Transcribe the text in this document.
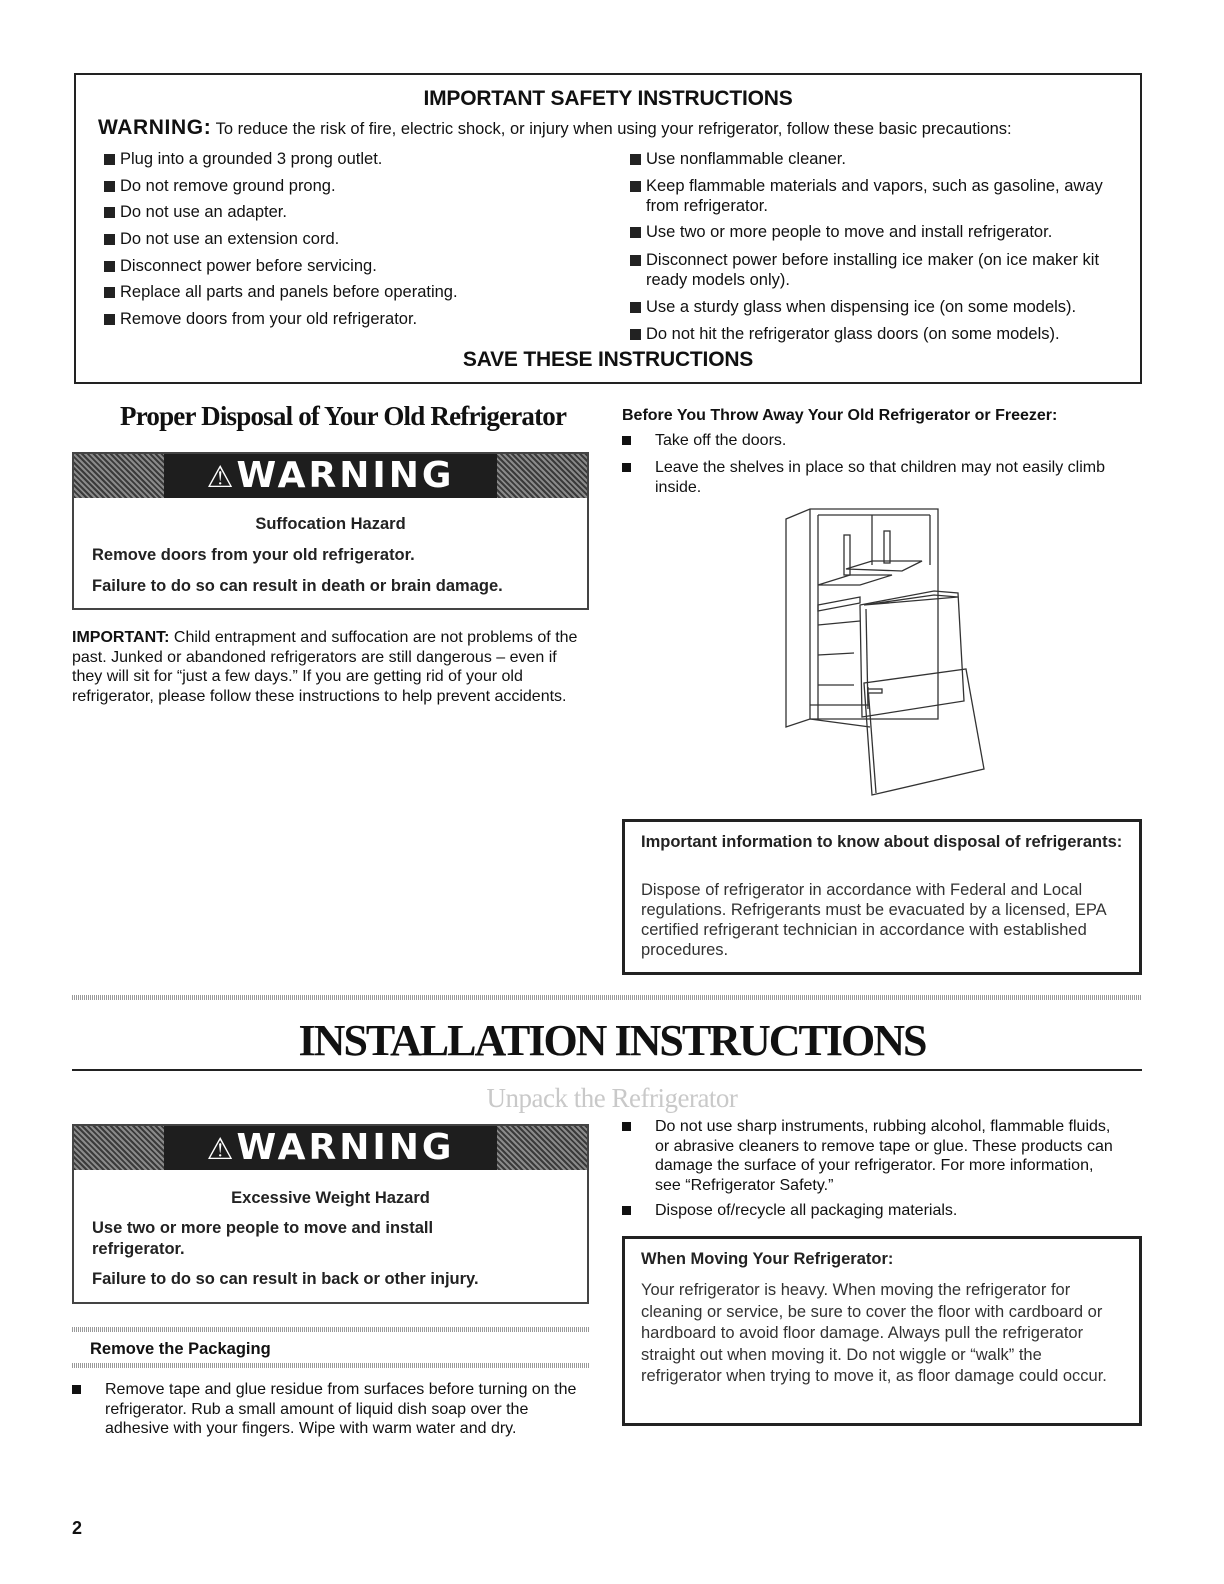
IMPORTANT SAFETY INSTRUCTIONS
WARNING: To reduce the risk of fire, electric shock, or injury when using your refrigerator, follow these basic precautions:
Plug into a grounded 3 prong outlet.
Do not remove ground prong.
Do not use an adapter.
Do not use an extension cord.
Disconnect power before servicing.
Replace all parts and panels before operating.
Remove doors from your old refrigerator.
Use nonflammable cleaner.
Keep flammable materials and vapors, such as gasoline, away from refrigerator.
Use two or more people to move and install refrigerator.
Disconnect power before installing ice maker (on ice maker kit ready models only).
Use a sturdy glass when dispensing ice (on some models).
Do not hit the refrigerator glass doors (on some models).
SAVE THESE INSTRUCTIONS
Proper Disposal of Your Old Refrigerator
⚠WARNING
Suffocation Hazard
Remove doors from your old refrigerator.
Failure to do so can result in death or brain damage.
IMPORTANT: Child entrapment and suffocation are not problems of the past. Junked or abandoned refrigerators are still dangerous – even if they will sit for “just a few days.” If you are getting rid of your old refrigerator, please follow these instructions to help prevent accidents.
Before You Throw Away Your Old Refrigerator or Freezer:
Take off the doors.
Leave the shelves in place so that children may not easily climb inside.
Important information to know about disposal of refrigerants:
Dispose of refrigerator in accordance with Federal and Local regulations. Refrigerants must be evacuated by a licensed, EPA certified refrigerant technician in accordance with established procedures.
INSTALLATION INSTRUCTIONS
Unpack the Refrigerator
⚠WARNING
Excessive Weight Hazard
Use two or more people to move and install refrigerator.
Failure to do so can result in back or other injury.
Remove the Packaging
Remove tape and glue residue from surfaces before turning on the refrigerator. Rub a small amount of liquid dish soap over the adhesive with your fingers. Wipe with warm water and dry.
Do not use sharp instruments, rubbing alcohol, flammable fluids, or abrasive cleaners to remove tape or glue. These products can damage the surface of your refrigerator. For more information, see “Refrigerator Safety.”
Dispose of/recycle all packaging materials.
When Moving Your Refrigerator:
Your refrigerator is heavy. When moving the refrigerator for cleaning or service, be sure to cover the floor with cardboard or hardboard to avoid floor damage. Always pull the refrigerator straight out when moving it. Do not wiggle or “walk” the refrigerator when trying to move it, as floor damage could occur.
2
